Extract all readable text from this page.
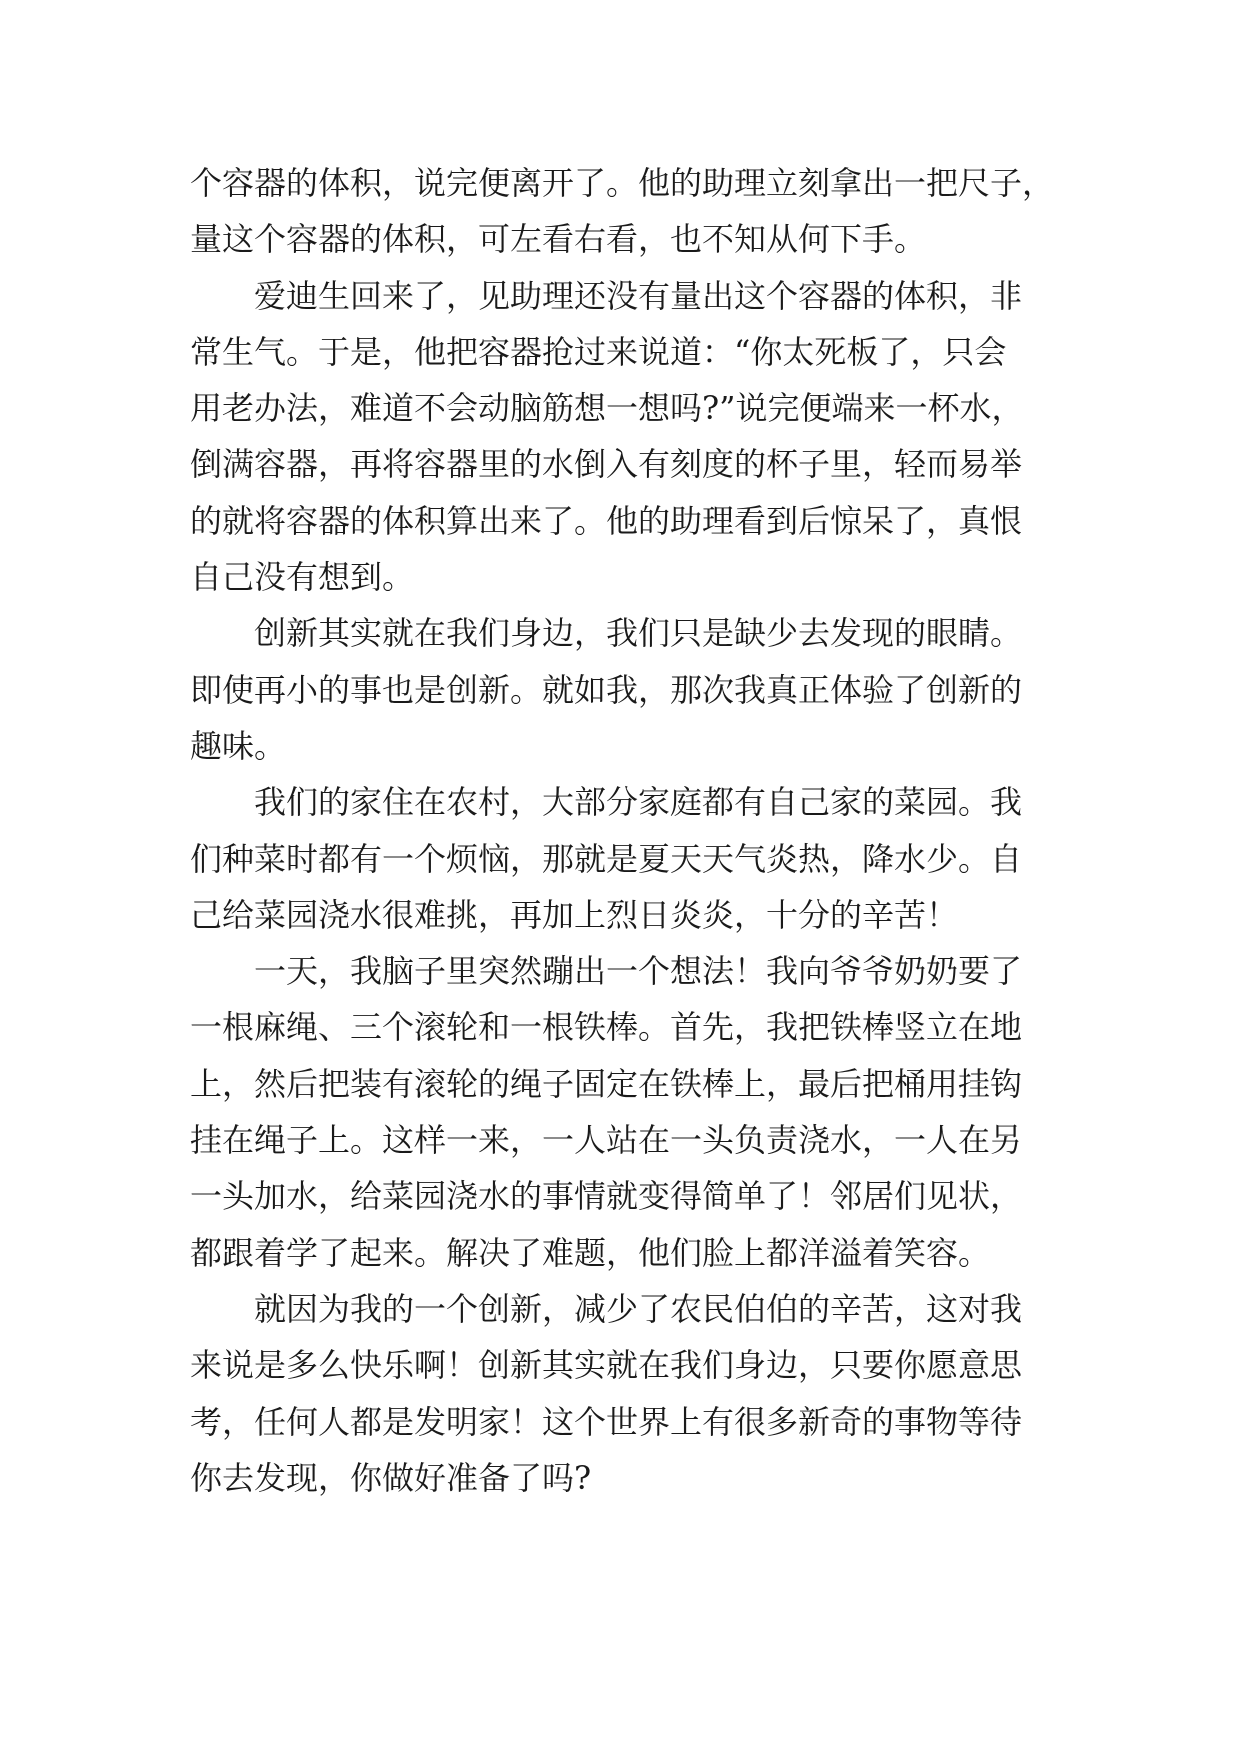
个容器的体积，说完便离开了。他的助理立刻拿出一把尺子，
量这个容器的体积，可左看右看，也不知从何下手。
爱迪生回来了，见助理还没有量出这个容器的体积，非
常生气。于是，他把容器抢过来说道：“你太死板了，只会
用老办法，难道不会动脑筋想一想吗?”说完便端来一杯水，
倒满容器，再将容器里的水倒入有刻度的杯子里，轻而易举
的就将容器的体积算出来了。他的助理看到后惊呆了，真恨
自己没有想到。
创新其实就在我们身边，我们只是缺少去发现的眼睛。
即使再小的事也是创新。就如我，那次我真正体验了创新的
趣味。
我们的家住在农村，大部分家庭都有自己家的菜园。我
们种菜时都有一个烦恼，那就是夏天天气炎热，降水少。自
己给菜园浇水很难挑，再加上烈日炎炎，十分的辛苦！
一天，我脑子里突然蹦出一个想法！我向爷爷奶奶要了
一根麻绳、三个滚轮和一根铁棒。首先，我把铁棒竖立在地
上，然后把装有滚轮的绳子固定在铁棒上，最后把桶用挂钩
挂在绳子上。这样一来，一人站在一头负责浇水，一人在另
一头加水，给菜园浇水的事情就变得简单了！邻居们见状，
都跟着学了起来。解决了难题，他们脸上都洋溢着笑容。
就因为我的一个创新，减少了农民伯伯的辛苦，这对我
来说是多么快乐啊！创新其实就在我们身边，只要你愿意思
考，任何人都是发明家！这个世界上有很多新奇的事物等待
你去发现，你做好准备了吗?
